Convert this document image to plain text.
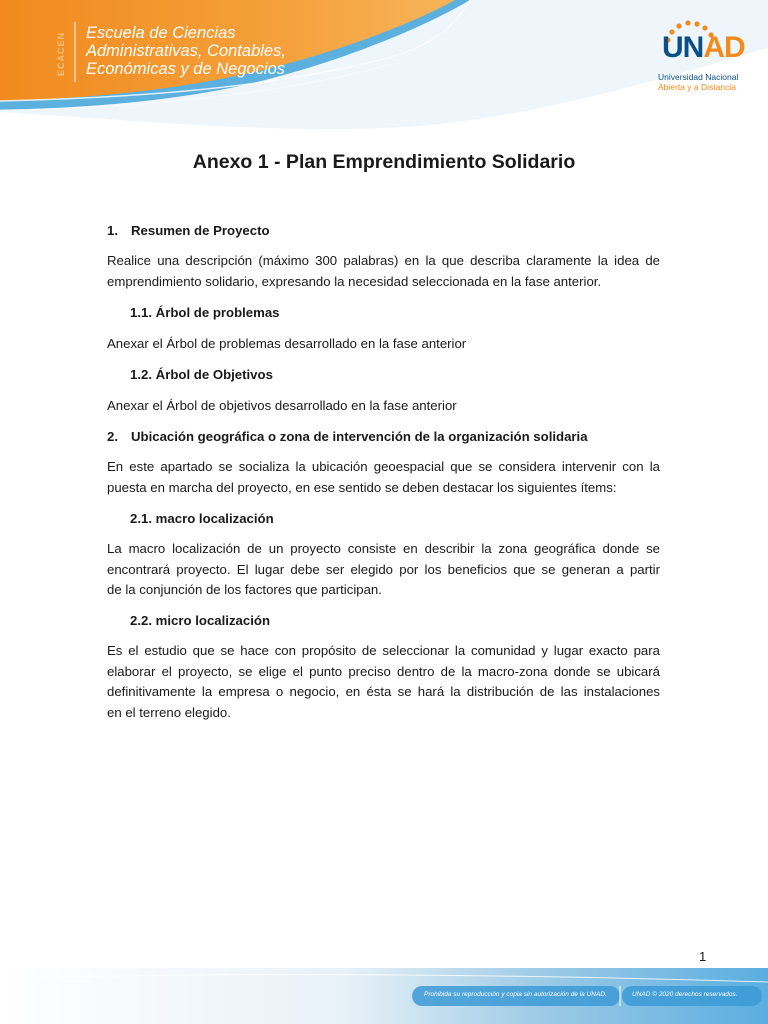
ECACEN Escuela de Ciencias
Administrativas, Contables,
Económicas y de Negocios
UNAD
Universidad Nacional
Abierta y a Distancia
Anexo 1 - Plan Emprendimiento Solidario
1. Resumen de Proyecto
Realice una descripción (máximo 300 palabras) en la que describa claramente la idea de
emprendimiento solidario, expresando la necesidad seleccionada en la fase anterior.
1.1. Árbol de problemas
Anexar el Árbol de problemas desarrollado en la fase anterior
1.2. Árbol de Objetivos
Anexar el Árbol de objetivos desarrollado en la fase anterior
2. Ubicación geográfica o zona de intervención de la organización solidaria
En este apartado se socializa la ubicación geoespacial que se considera intervenir con la
puesta en marcha del proyecto, en ese sentido se deben destacar los siguientes ítems:
2.1. macro localización
La macro localización de un proyecto consiste en describir la zona geográfica donde se
encontrará proyecto. El lugar debe ser elegido por los beneficios que se generan a partir
de la conjunción de los factores que participan.
2.2. micro localización
Es el estudio que se hace con propósito de seleccionar la comunidad y lugar exacto para
elaborar el proyecto, se elige el punto preciso dentro de la macro-zona donde se ubicará
definitivamente la empresa o negocio, en ésta se hará la distribución de las instalaciones
en el terreno elegido.
1
Prohibida su reproducción y copia sin autorización de la UNAD.	UNAD © 2020 derechos reservados.
